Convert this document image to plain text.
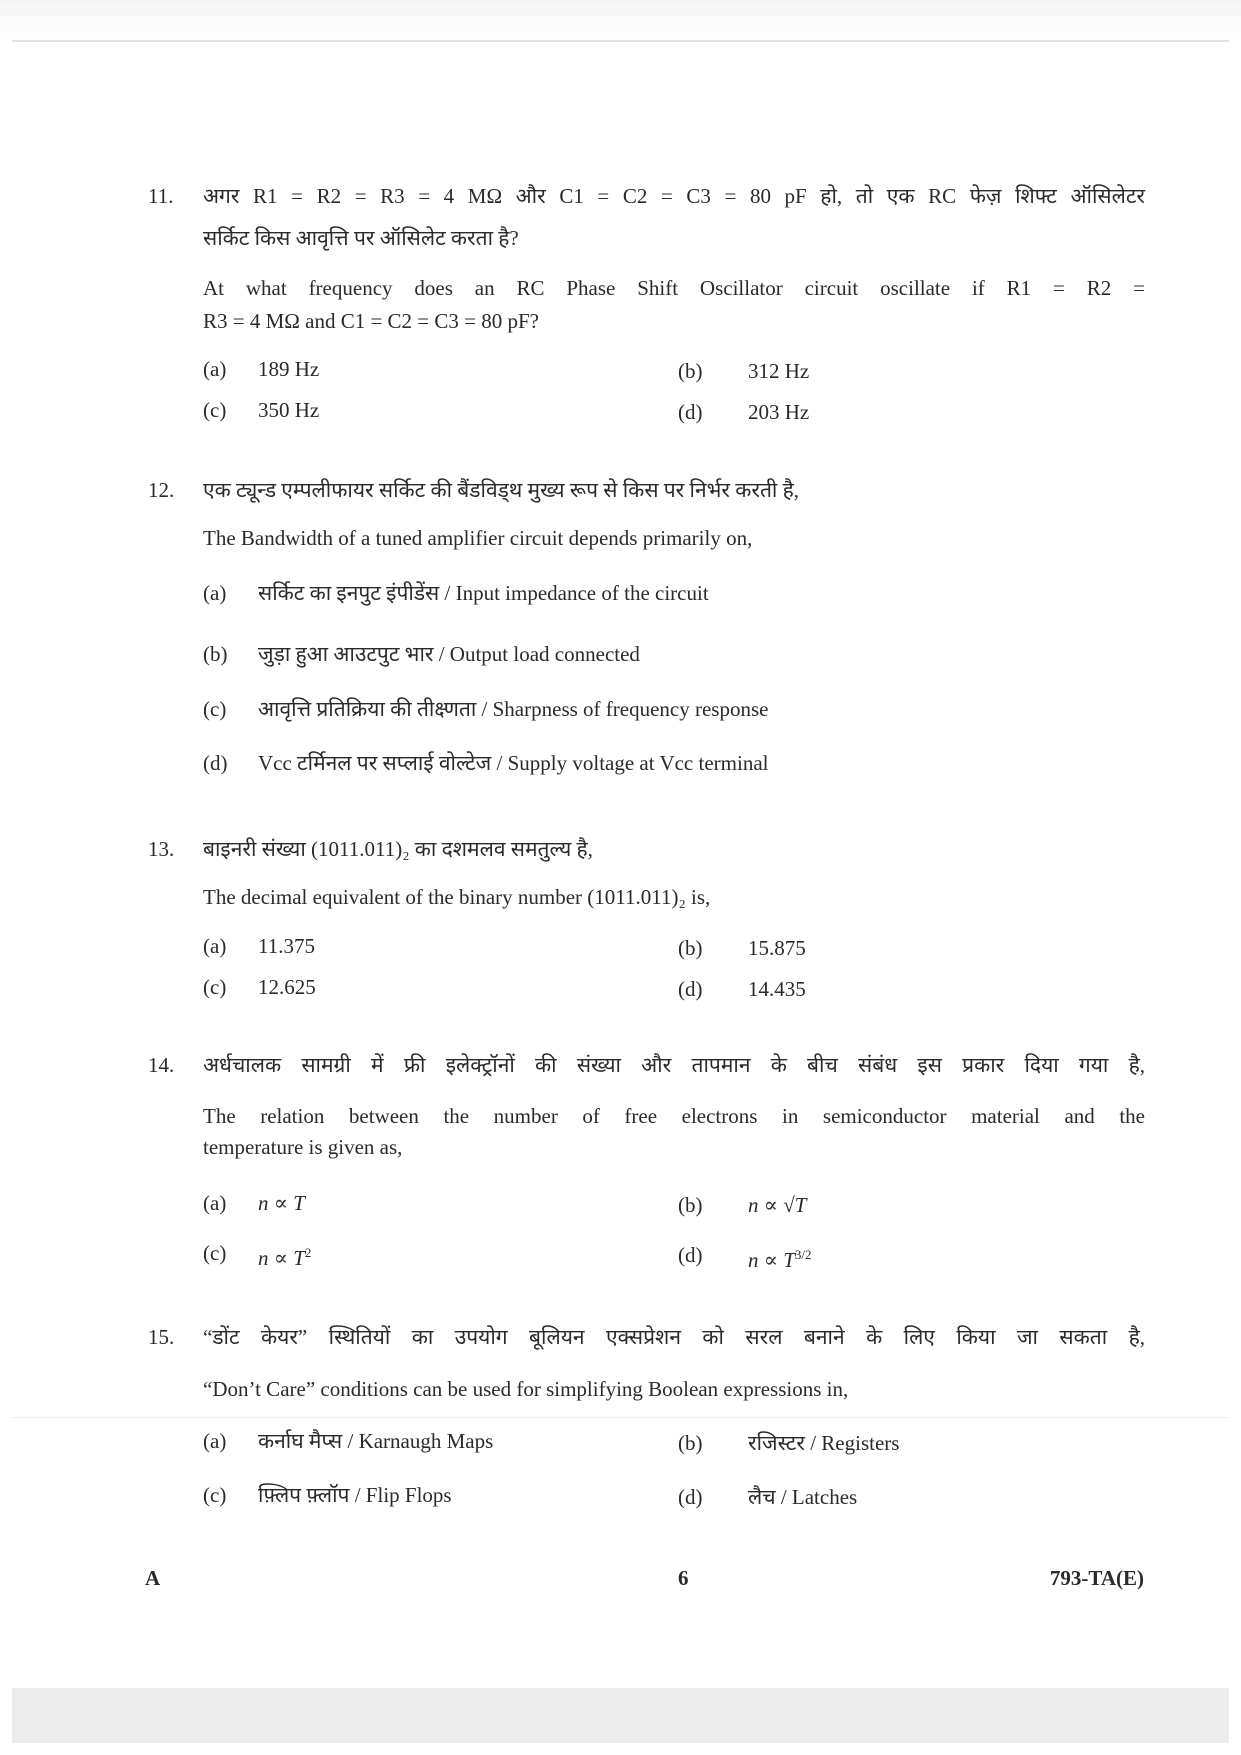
11. अगर R1 = R2 = R3 = 4 MΩ और C1 = C2 = C3 = 80 pF हो, तो एक RC फेज़ शिफ्ट ऑसिलेटर
सर्किट किस आवृत्ति पर ऑसिलेट करता है?
At what frequency does an RC Phase Shift Oscillator circuit oscillate if R1 = R2 =
R3 = 4 MΩ and C1 = C2 = C3 = 80 pF?
(a) 189 Hz	(b) 312 Hz
(c) 350 Hz	(d) 203 Hz
12. एक ट्यून्ड एम्पलीफायर सर्किट की बैंडविड्थ मुख्य रूप से किस पर निर्भर करती है,
The Bandwidth of a tuned amplifier circuit depends primarily on,
(a) सर्किट का इनपुट इंपीडेंस / Input impedance of the circuit
(b) जुड़ा हुआ आउटपुट भार / Output load connected
(c) आवृत्ति प्रतिक्रिया की तीक्ष्णता / Sharpness of frequency response
(d) Vcc टर्मिनल पर सप्लाई वोल्टेज / Supply voltage at Vcc terminal
13. बाइनरी संख्या (1011.011)₂ का दशमलव समतुल्य है,
The decimal equivalent of the binary number (1011.011)₂ is,
(a) 11.375	(b) 15.875
(c) 12.625	(d) 14.435
14. अर्धचालक सामग्री में फ्री इलेक्ट्रॉनों की संख्या और तापमान के बीच संबंध इस प्रकार दिया गया है,
The relation between the number of free electrons in semiconductor material and the
temperature is given as,
(a) n ∝ T	(b) n ∝ √T
(c) $n \propto T^2$	(d) $n \propto T^{3/2}$
15. “डोंट केयर” स्थितियों का उपयोग बूलियन एक्सप्रेशन को सरल बनाने के लिए किया जा सकता है,
“Don’t Care” conditions can be used for simplifying Boolean expressions in,
(a) कर्नाघ मैप्स / Karnaugh Maps	(b) रजिस्टर / Registers
(c) फ़्लिप फ़्लॉप / Flip Flops	(d) लैच / Latches
A	6	793-TA(E)
